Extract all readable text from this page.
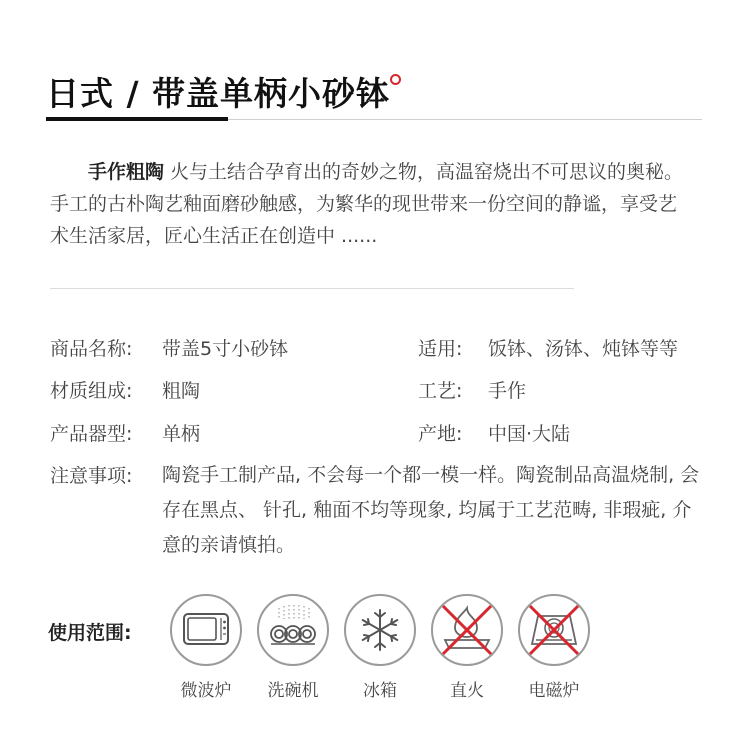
日式 / 带盖单柄小砂钵
手作粗陶 火与土结合孕育出的奇妙之物，高温窑烧出不可思议的奥秘。手工的古朴陶艺釉面磨砂触感，为繁华的现世带来一份空间的静谧，享受艺术生活家居，匠心生活正在创造中 ......
商品名称: 带盖5寸小砂钵	适用: 饭钵、汤钵、炖钵等等
材质组成: 粗陶	工艺: 手作
产品器型: 单柄	产地: 中国·大陆
注意事项: 陶瓷手工制产品, 不会每一个都一模一样。陶瓷制品高温烧制, 会存在黑点、 针孔, 釉面不均等现象, 均属于工艺范畴, 非瑕疵, 介意的亲请慎拍。
使用范围:
微波炉	洗碗机	冰箱	直火	电磁炉
